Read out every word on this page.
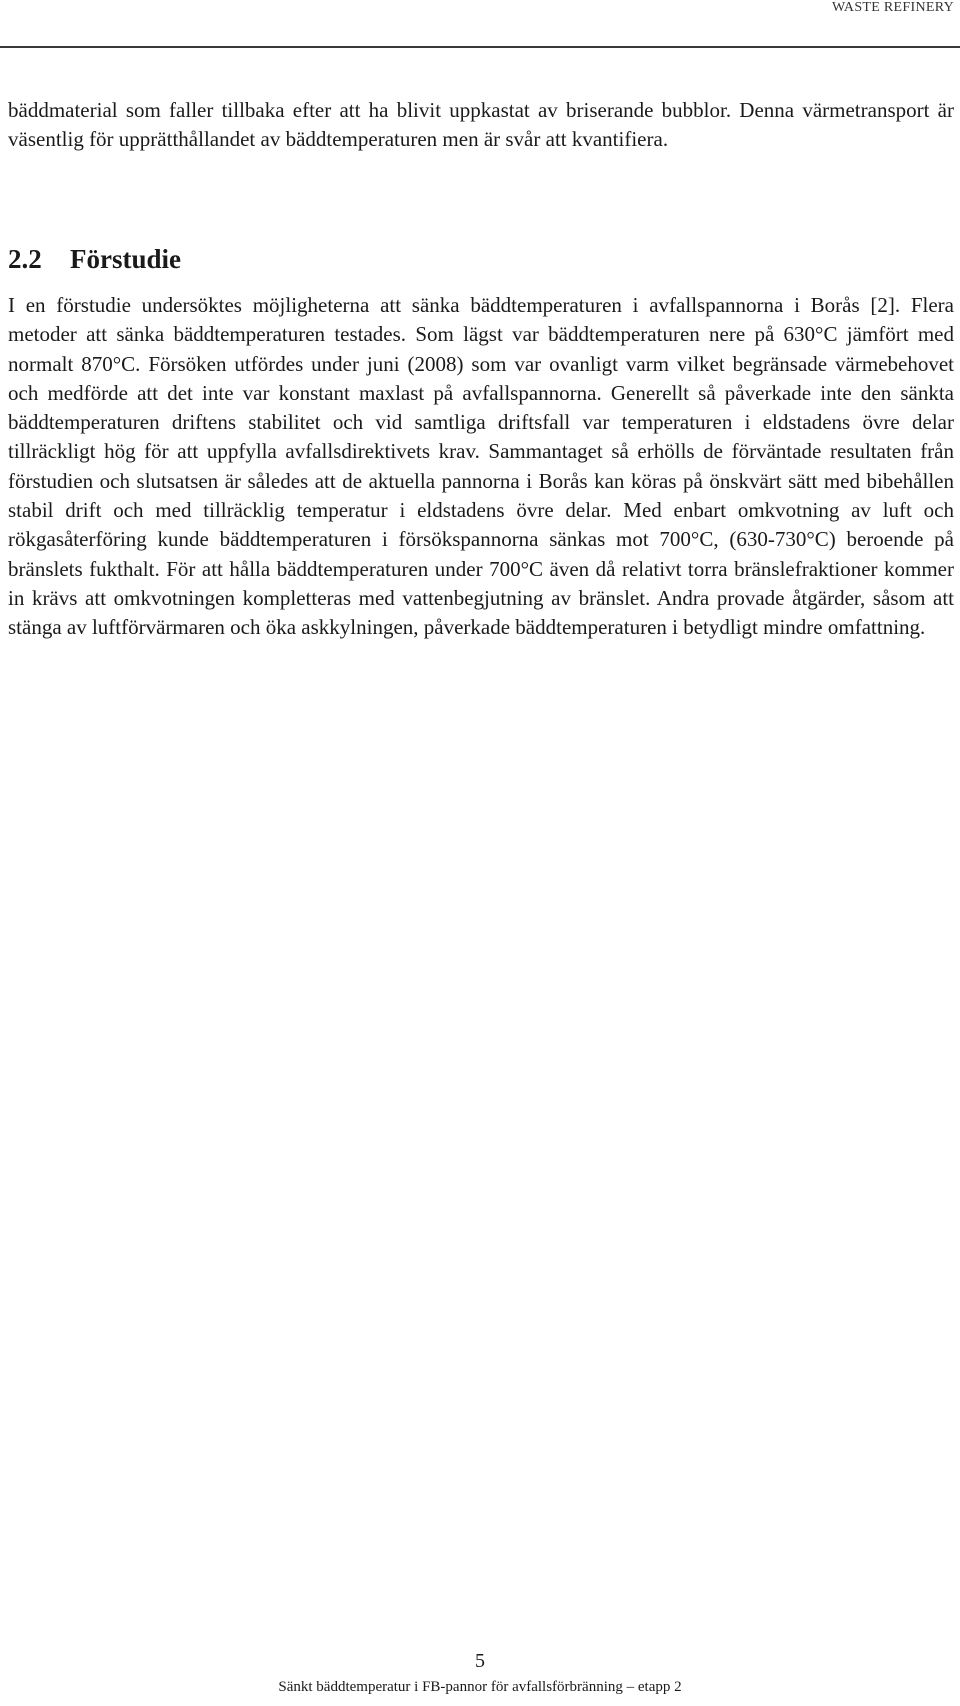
WASTE REFINERY

bäddmaterial som faller tillbaka efter att ha blivit uppkastat av briserande bubblor. Denna värmetransport är väsentlig för upprätthållandet av bäddtemperaturen men är svår att kvantifiera.

2.2 Förstudie

I en förstudie undersöktes möjligheterna att sänka bäddtemperaturen i avfallspannorna i Borås [2]. Flera metoder att sänka bäddtemperaturen testades. Som lägst var bäddtemperaturen nere på 630°C jämfört med normalt 870°C. Försöken utfördes under juni (2008) som var ovanligt varm vilket begränsade värmebehovet och medförde att det inte var konstant maxlast på avfallspannorna. Generellt så påverkade inte den sänkta bäddtemperaturen driftens stabilitet och vid samtliga driftsfall var temperaturen i eldstadens övre delar tillräckligt hög för att uppfylla avfallsdirektivets krav. Sammantaget så erhölls de förväntade resultaten från förstudien och slutsatsen är således att de aktuella pannorna i Borås kan köras på önskvärt sätt med bibehållen stabil drift och med tillräcklig temperatur i eldstadens övre delar. Med enbart omkvotning av luft och rökgasåterföring kunde bäddtemperaturen i försökspannorna sänkas mot 700°C, (630-730°C) beroende på bränslets fukthalt. För att hålla bäddtemperaturen under 700°C även då relativt torra bränslefraktioner kommer in krävs att omkvotningen kompletteras med vattenbegjutning av bränslet. Andra provade åtgärder, såsom att stänga av luftförvärmaren och öka askkylningen, påverkade bäddtemperaturen i betydligt mindre omfattning.

5
Sänkt bäddtemperatur i FB-pannor för avfallsförbränning – etapp 2
